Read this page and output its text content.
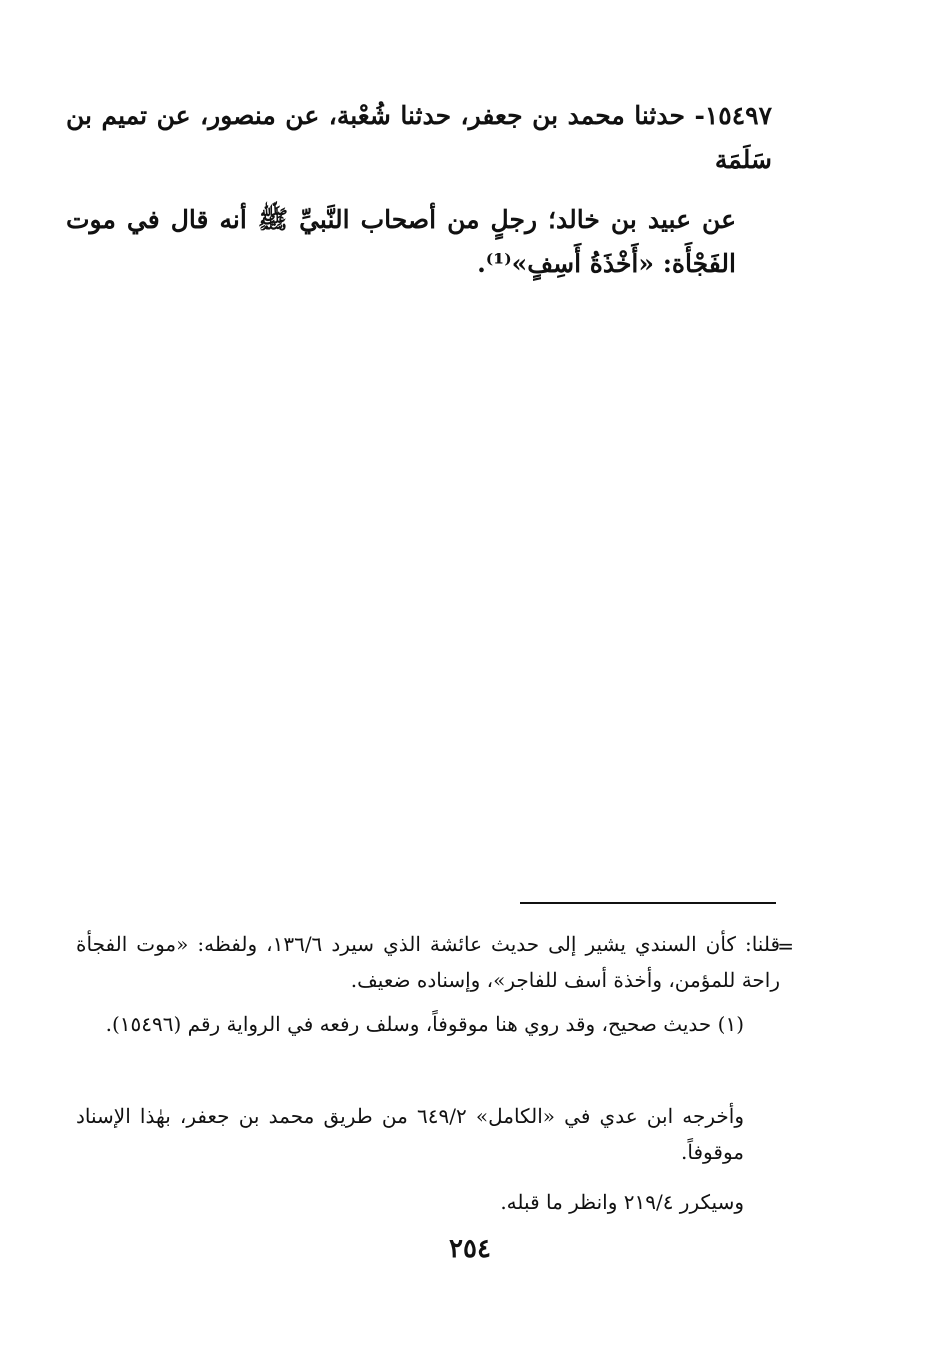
١٥٤٩٧- حدثنا محمد بن جعفر، حدثنا شُعْبة، عن منصور، عن تميم بن سَلَمَة

عن عبيد بن خالد؛ رجلٍ من أصحاب النَّبيِّ ﷺ أنه قال في موت الفَجْأَة: «أَخْذَةُ أَسِفٍ»⁽¹⁾.

=

قلنا: كأن السندي يشير إلى حديث عائشة الذي سيرد ١٣٦/٦، ولفظه: «موت الفجأة راحة للمؤمن، وأخذة أسف للفاجر»، وإسناده ضعيف.

(١) حديث صحيح، وقد روي هنا موقوفاً، وسلف رفعه في الرواية رقم (١٥٤٩٦).

وأخرجه ابن عدي في «الكامل» ٦٤٩/٢ من طريق محمد بن جعفر، بهٰذا الإسناد موقوفاً.

وسيكرر ٢١٩/٤ وانظر ما قبله.

٢٥٤
